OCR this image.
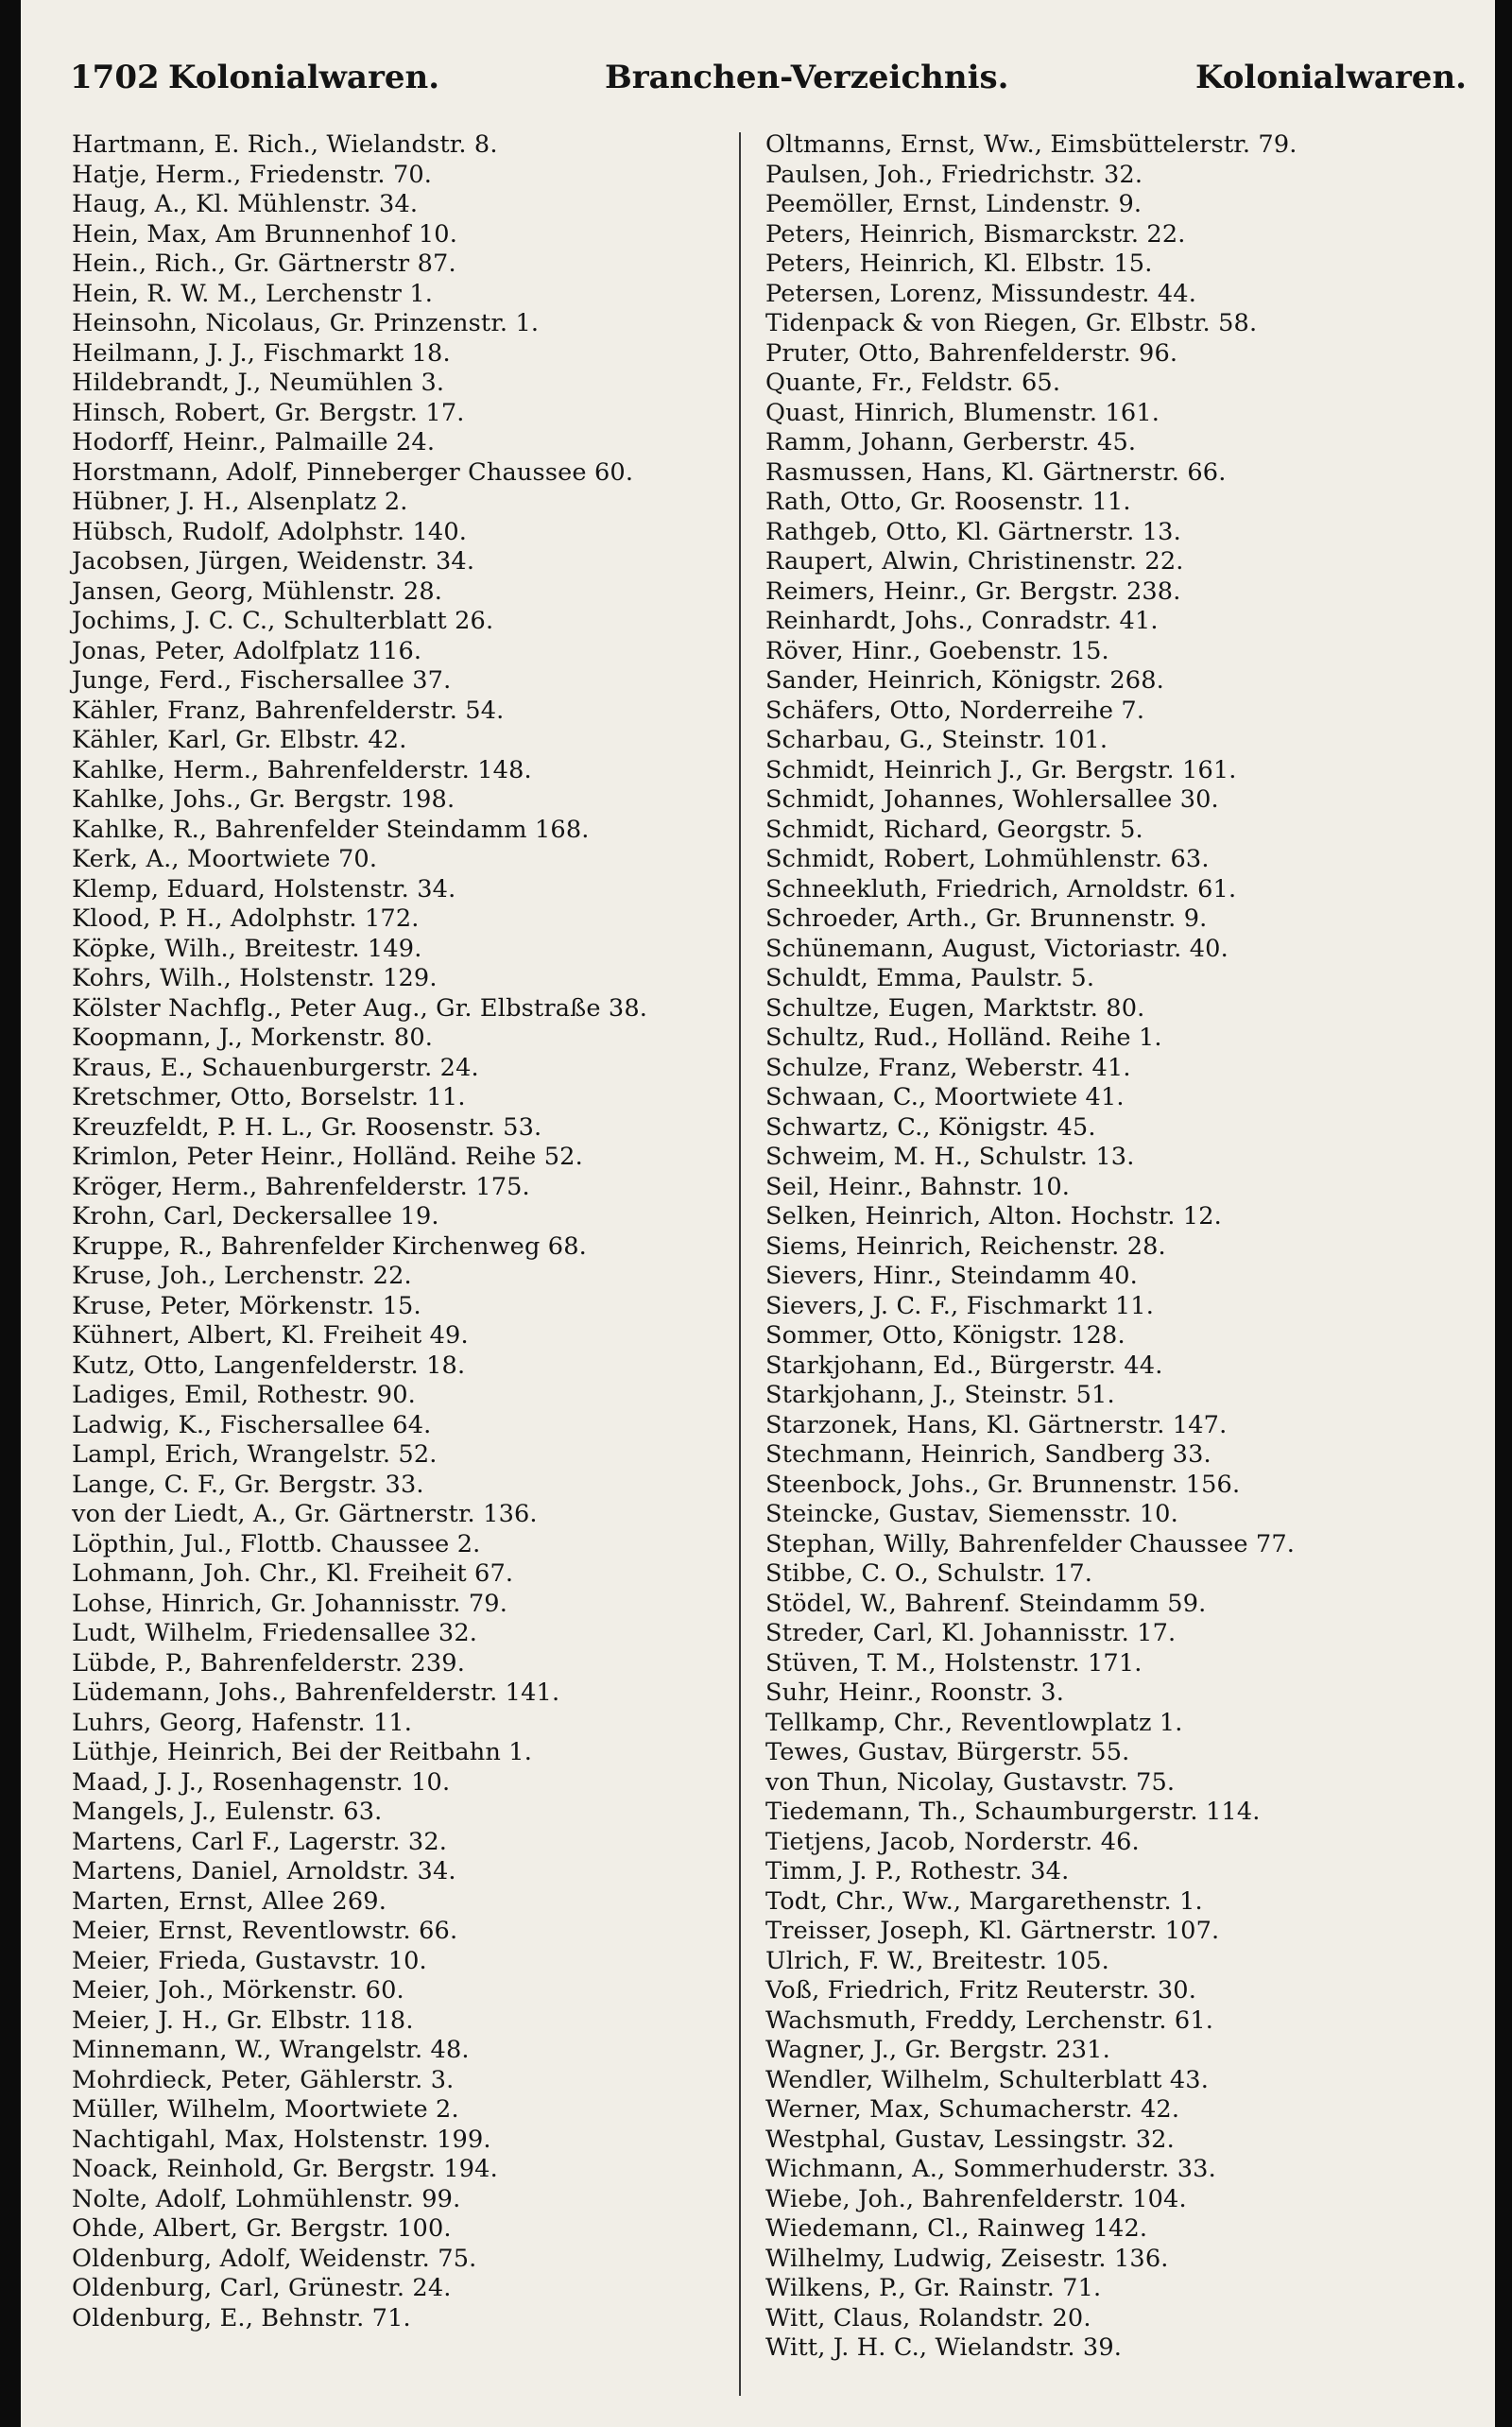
1702 Kolonialwaren.	Branchen-Verzeichnis.	Kolonialwaren.
Hartmann, E. Rich., Wielandstr. 8.
Hatje, Herm., Friedenstr. 70.
Haug, A., Kl. Mühlenstr. 34.
Hein, Max, Am Brunnenhof 10.
Hein., Rich., Gr. Gärtnerstr 87.
Hein, R. W. M., Lerchenstr 1.
Heinsohn, Nicolaus, Gr. Prinzenstr. 1.
Heilmann, J. J., Fischmarkt 18.
Hildebrandt, J., Neumühlen 3.
Hinsch, Robert, Gr. Bergstr. 17.
Hodorff, Heinr., Palmaille 24.
Horstmann, Adolf, Pinneberger Chaussee 60.
Hübner, J. H., Alsenplatz 2.
Hübsch, Rudolf, Adolphstr. 140.
Jacobsen, Jürgen, Weidenstr. 34.
Jansen, Georg, Mühlenstr. 28.
Jochims, J. C. C., Schulterblatt 26.
Jonas, Peter, Adolfplatz 116.
Junge, Ferd., Fischersallee 37.
Kähler, Franz, Bahrenfelderstr. 54.
Kähler, Karl, Gr. Elbstr. 42.
Kahlke, Herm., Bahrenfelderstr. 148.
Kahlke, Johs., Gr. Bergstr. 198.
Kahlke, R., Bahrenfelder Steindamm 168.
Kerk, A., Moortwiete 70.
Klemp, Eduard, Holstenstr. 34.
Klood, P. H., Adolphstr. 172.
Köpke, Wilh., Breitestr. 149.
Kohrs, Wilh., Holstenstr. 129.
Kölster Nachflg., Peter Aug., Gr. Elbstraße 38.
Koopmann, J., Morkenstr. 80.
Kraus, E., Schauenburgerstr. 24.
Kretschmer, Otto, Borselstr. 11.
Kreuzfeldt, P. H. L., Gr. Roosenstr. 53.
Krimlon, Peter Heinr., Holländ. Reihe 52.
Kröger, Herm., Bahrenfelderstr. 175.
Krohn, Carl, Deckersallee 19.
Kruppe, R., Bahrenfelder Kirchenweg 68.
Kruse, Joh., Lerchenstr. 22.
Kruse, Peter, Mörkenstr. 15.
Kühnert, Albert, Kl. Freiheit 49.
Kutz, Otto, Langenfelderstr. 18.
Ladiges, Emil, Rothestr. 90.
Ladwig, K., Fischersallee 64.
Lampl, Erich, Wrangelstr. 52.
Lange, C. F., Gr. Bergstr. 33.
von der Liedt, A., Gr. Gärtnerstr. 136.
Löpthin, Jul., Flottb. Chaussee 2.
Lohmann, Joh. Chr., Kl. Freiheit 67.
Lohse, Hinrich, Gr. Johannisstr. 79.
Ludt, Wilhelm, Friedensallee 32.
Lübde, P., Bahrenfelderstr. 239.
Lüdemann, Johs., Bahrenfelderstr. 141.
Luhrs, Georg, Hafenstr. 11.
Lüthje, Heinrich, Bei der Reitbahn 1.
Maad, J. J., Rosenhagenstr. 10.
Mangels, J., Eulenstr. 63.
Martens, Carl F., Lagerstr. 32.
Martens, Daniel, Arnoldstr. 34.
Marten, Ernst, Allee 269.
Meier, Ernst, Reventlowstr. 66.
Meier, Frieda, Gustavstr. 10.
Meier, Joh., Mörkenstr. 60.
Meier, J. H., Gr. Elbstr. 118.
Minnemann, W., Wrangelstr. 48.
Mohrdieck, Peter, Gählerstr. 3.
Müller, Wilhelm, Moortwiete 2.
Nachtigahl, Max, Holstenstr. 199.
Noack, Reinhold, Gr. Bergstr. 194.
Nolte, Adolf, Lohmühlenstr. 99.
Ohde, Albert, Gr. Bergstr. 100.
Oldenburg, Adolf, Weidenstr. 75.
Oldenburg, Carl, Grünestr. 24.
Oldenburg, E., Behnstr. 71.
Oltmanns, Ernst, Ww., Eimsbüttelerstr. 79.
Paulsen, Joh., Friedrichstr. 32.
Peemöller, Ernst, Lindenstr. 9.
Peters, Heinrich, Bismarckstr. 22.
Peters, Heinrich, Kl. Elbstr. 15.
Petersen, Lorenz, Missundestr. 44.
Tidenpack & von Riegen, Gr. Elbstr. 58.
Pruter, Otto, Bahrenfelderstr. 96.
Quante, Fr., Feldstr. 65.
Quast, Hinrich, Blumenstr. 161.
Ramm, Johann, Gerberstr. 45.
Rasmussen, Hans, Kl. Gärtnerstr. 66.
Rath, Otto, Gr. Roosenstr. 11.
Rathgeb, Otto, Kl. Gärtnerstr. 13.
Raupert, Alwin, Christinenstr. 22.
Reimers, Heinr., Gr. Bergstr. 238.
Reinhardt, Johs., Conradstr. 41.
Röver, Hinr., Goebenstr. 15.
Sander, Heinrich, Königstr. 268.
Schäfers, Otto, Norderreihe 7.
Scharbau, G., Steinstr. 101.
Schmidt, Heinrich J., Gr. Bergstr. 161.
Schmidt, Johannes, Wohlersallee 30.
Schmidt, Richard, Georgstr. 5.
Schmidt, Robert, Lohmühlenstr. 63.
Schneekluth, Friedrich, Arnoldstr. 61.
Schroeder, Arth., Gr. Brunnenstr. 9.
Schünemann, August, Victoriastr. 40.
Schuldt, Emma, Paulstr. 5.
Schultze, Eugen, Marktstr. 80.
Schultz, Rud., Holländ. Reihe 1.
Schulze, Franz, Weberstr. 41.
Schwaan, C., Moortwiete 41.
Schwartz, C., Königstr. 45.
Schweim, M. H., Schulstr. 13.
Seil, Heinr., Bahnstr. 10.
Selken, Heinrich, Alton. Hochstr. 12.
Siems, Heinrich, Reichenstr. 28.
Sievers, Hinr., Steindamm 40.
Sievers, J. C. F., Fischmarkt 11.
Sommer, Otto, Königstr. 128.
Starkjohann, Ed., Bürgerstr. 44.
Starkjohann, J., Steinstr. 51.
Starzonek, Hans, Kl. Gärtnerstr. 147.
Stechmann, Heinrich, Sandberg 33.
Steenbock, Johs., Gr. Brunnenstr. 156.
Steincke, Gustav, Siemensstr. 10.
Stephan, Willy, Bahrenfelder Chaussee 77.
Stibbe, C. O., Schulstr. 17.
Stödel, W., Bahrenf. Steindamm 59.
Streder, Carl, Kl. Johannisstr. 17.
Stüven, T. M., Holstenstr. 171.
Suhr, Heinr., Roonstr. 3.
Tellkamp, Chr., Reventlowplatz 1.
Tewes, Gustav, Bürgerstr. 55.
von Thun, Nicolay, Gustavstr. 75.
Tiedemann, Th., Schaumburgerstr. 114.
Tietjens, Jacob, Norderstr. 46.
Timm, J. P., Rothestr. 34.
Todt, Chr., Ww., Margarethenstr. 1.
Treisser, Joseph, Kl. Gärtnerstr. 107.
Ulrich, F. W., Breitestr. 105.
Voß, Friedrich, Fritz Reuterstr. 30.
Wachsmuth, Freddy, Lerchenstr. 61.
Wagner, J., Gr. Bergstr. 231.
Wendler, Wilhelm, Schulterblatt 43.
Werner, Max, Schumacherstr. 42.
Westphal, Gustav, Lessingstr. 32.
Wichmann, A., Sommerhuderstr. 33.
Wiebe, Joh., Bahrenfelderstr. 104.
Wiedemann, Cl., Rainweg 142.
Wilhelmy, Ludwig, Zeisestr. 136.
Wilkens, P., Gr. Rainstr. 71.
Witt, Claus, Rolandstr. 20.
Witt, J. H. C., Wielandstr. 39.
